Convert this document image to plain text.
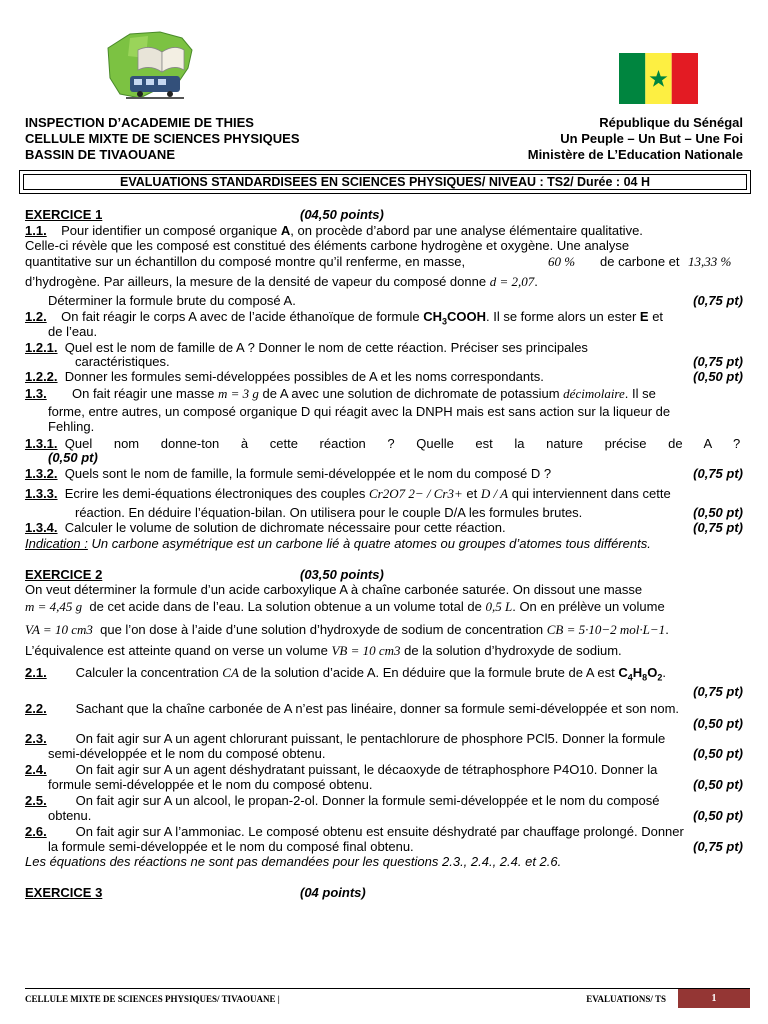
INSPECTION D’ACADEMIE DE THIES	République du Sénégal
CELLULE MIXTE DE SCIENCES PHYSIQUES	Un Peuple – Un But – Une Foi
BASSIN DE TIVAOUANE	Ministère de L’Education Nationale
EVALUATIONS STANDARDISEES EN SCIENCES PHYSIQUES/ NIVEAU : TS2/ Durée : 04 H
EXERCICE 1	(04,50 points)
1.1. Pour identifier un composé organique A, on procède d’abord par une analyse élémentaire qualitative.
Celle-ci révèle que les composé est constitué des éléments carbone hydrogène et oxygène. Une analyse
quantitative sur un échantillon du composé montre qu’il renferme, en masse,	60 % de carbone et 13,33 %
d’hydrogène. Par ailleurs, la mesure de la densité de vapeur du composé donne d = 2,07.
Déterminer la formule brute du composé A.	(0,75 pt)
1.2. On fait réagir le corps A avec de l’acide éthanoïque de formule $CH_3COOH$. Il se forme alors un ester E et
de l’eau.
1.2.1. Quel est le nom de famille de A ? Donner le nom de cette réaction. Préciser ses principales
caractéristiques.	(0,75 pt)
1.2.2. Donner les formules semi-développées possibles de A et les noms correspondants.	(0,50 pt)
1.3. On fait réagir une masse m = 3 g de A avec une solution de dichromate de potassium décimolaire. Il se
forme, entre autres, un composé organique D qui réagit avec la DNPH mais est sans action sur la liqueur de
Fehling.
1.3.1. Quel nom donne-ton à cette réaction ? Quelle est la nature précise de A ?
(0,50 pt)
1.3.2. Quels sont le nom de famille, la formule semi-développée et le nom du composé D ?	(0,75 pt)
1.3.3. Ecrire les demi-équations électroniques des couples Cr2O7 2− / Cr3+ et D / A qui interviennent dans cette
réaction. En déduire l’équation-bilan. On utilisera pour le couple D/A les formules brutes.	(0,50 pt)
1.3.4. Calculer le volume de solution de dichromate nécessaire pour cette réaction.	(0,75 pt)
Indication : Un carbone asymétrique est un carbone lié à quatre atomes ou groupes d’atomes tous différents.
EXERCICE 2	(03,50 points)
On veut déterminer la formule d’un acide carboxylique A à chaîne carbonée saturée. On dissout une masse
m = 4,45 g de cet acide dans de l’eau. La solution obtenue a un volume total de 0,5 L. On en prélève un volume
VA = 10 cm3 que l’on dose à l’aide d’une solution d’hydroxyde de sodium de concentration CB = 5·10−2 mol·L−1.
L’équivalence est atteinte quand on verse un volume VB = 10 cm3 de la solution d’hydroxyde de sodium.
2.1. Calculer la concentration CA de la solution d’acide A. En déduire que la formule brute de A est $C_4H_8O_2$.
(0,75 pt)
2.2. Sachant que la chaîne carbonée de A n’est pas linéaire, donner sa formule semi-développée et son nom.
(0,50 pt)
2.3. On fait agir sur A un agent chlorurant puissant, le pentachlorure de phosphore PCl5. Donner la formule
semi-développée et le nom du composé obtenu.	(0,50 pt)
2.4. On fait agir sur A un agent déshydratant puissant, le décaoxyde de tétraphosphore P4O10. Donner la
formule semi-développée et le nom du composé obtenu.	(0,50 pt)
2.5. On fait agir sur A un alcool, le propan-2-ol. Donner la formule semi-développée et le nom du composé
obtenu.	(0,50 pt)
2.6. On fait agir sur A l’ammoniac. Le composé obtenu est ensuite déshydraté par chauffage prolongé. Donner
la formule semi-développée et le nom du composé final obtenu.	(0,75 pt)
Les équations des réactions ne sont pas demandées pour les questions 2.3., 2.4., 2.4. et 2.6.
EXERCICE 3	(04 points)
CELLULE MIXTE DE SCIENCES PHYSIQUES/ TIVAOUANE |	EVALUATIONS/ TS	1
